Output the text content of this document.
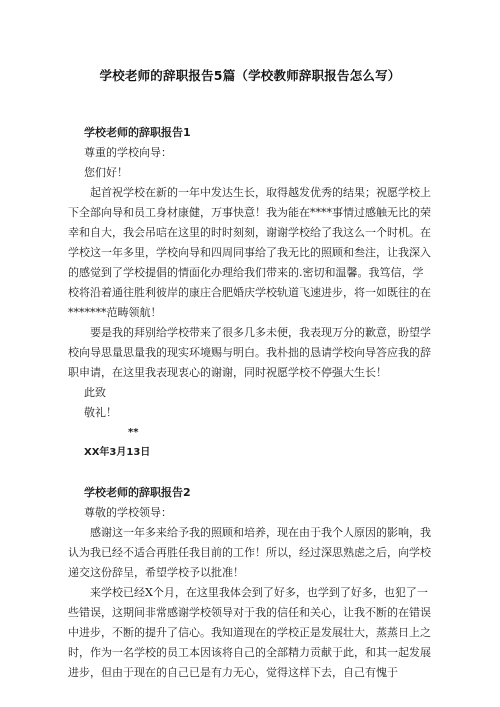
学校老师的辞职报告5篇（学校教师辞职报告怎么写）

学校老师的辞职报告1

尊重的学校向导：

您们好！

起首祝学校在新的一年中发达生长，取得越发优秀的结果；祝愿学校上下全部向导和员工身材康健，万事快意！我为能在****事情过感触无比的荣幸和自大，我会吊唁在这里的时时刻刻，谢谢学校给了我这么一个时机。在学校这一年多里，学校向导和四周同事给了我无比的照顾和叁注，让我深入的感觉到了学校提倡的情面化办理给我们带来的.密切和温馨。我笃信，学校将沿着通往胜利彼岸的康庄合肥婚庆学校轨道飞速进步，将一如既往的在*******范畴领航！

要是我的拜别给学校带来了很多几多未便，我表现万分的歉意，盼望学校向导思量思量我的现实环境赐与明白。我朴拙的恳请学校向导答应我的辞职申请，在这里我表现衷心的谢谢，同时祝愿学校不停强大生长！

此致

敬礼！

**

XX年3月13日

学校老师的辞职报告2

尊敬的学校领导：

感谢这一年多来给予我的照顾和培养，现在由于我个人原因的影响，我认为我已经不适合再胜任我目前的工作！所以，经过深思熟虑之后，向学校递交这份辞呈，希望学校予以批准！

来学校已经X个月，在这里我体会到了好多，也学到了好多，也犯了一些错误，这期间非常感谢学校领导对于我的信任和关心，让我不断的在错误中进步，不断的提升了信心。我知道现在的学校正是发展壮大，蒸蒸日上之时，作为一名学校的员工本因该将自己的全部精力贡献于此，和其一起发展进步，但由于现在的自己已是有力无心，觉得这样下去，自己有愧于
